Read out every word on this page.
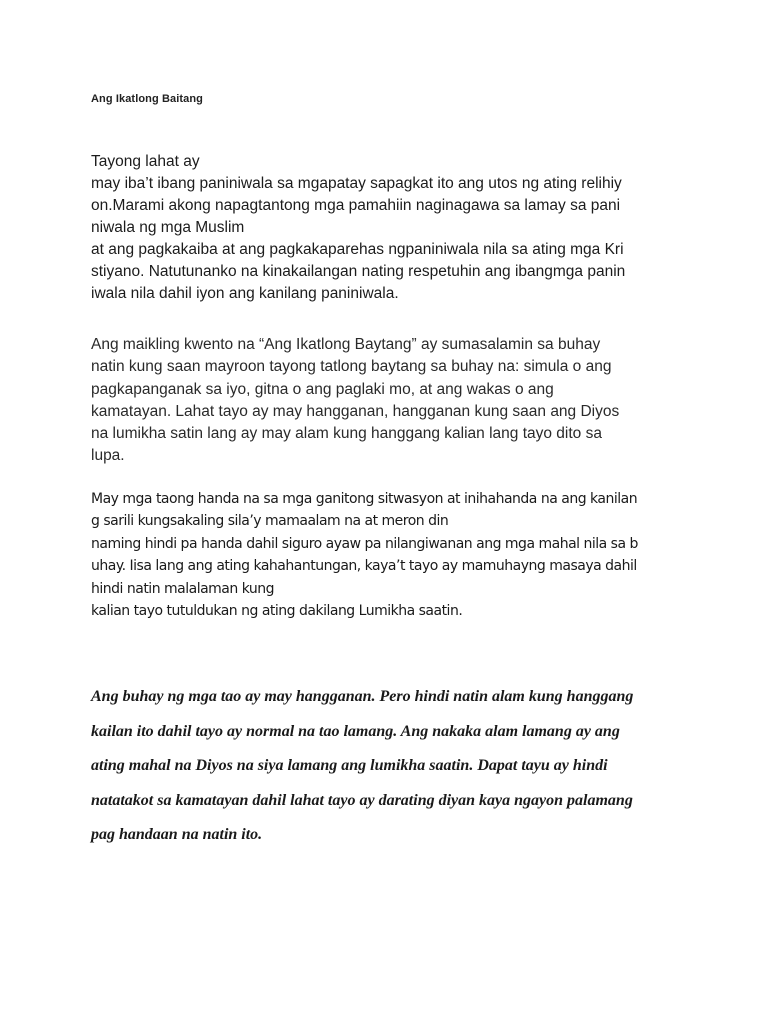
Ang Ikatlong Baitang
Tayong lahat ay
may iba’t ibang paniniwala sa mgapatay sapagkat ito ang utos ng ating relihiy
on.Marami akong napagtantong mga pamahiin naginagawa sa lamay sa pani
niwala ng mga Muslim
at ang pagkakaiba at ang pagkakaparehas ngpaniniwala nila sa ating mga Kri
stiyano. Natutunanko na kinakailangan nating respetuhin ang ibangmga panin
iwala nila dahil iyon ang kanilang paniniwala.
Ang maikling kwento na “Ang Ikatlong Baytang” ay sumasalamin sa buhay
natin kung saan mayroon tayong tatlong baytang sa buhay na: simula o ang
pagkapanganak sa iyo, gitna o ang paglaki mo, at ang wakas o ang
kamatayan. Lahat tayo ay may hangganan, hangganan kung saan ang Diyos
na lumikha satin lang ay may alam kung hanggang kalian lang tayo dito sa
lupa.
May mga taong handa na sa mga ganitong sitwasyon at inihahanda na ang kanilan
g sarili kungsakaling sila’y mamaalam na at meron din
naming hindi pa handa dahil siguro ayaw pa nilangiwanan ang mga mahal nila sa b
uhay. Iisa lang ang ating kahahantungan, kaya’t tayo ay mamuhayng masaya dahil
hindi natin malalaman kung
kalian tayo tutuldukan ng ating dakilang Lumikha saatin.
Ang buhay ng mga tao ay may hangganan. Pero hindi natin alam kung hanggang
kailan ito dahil tayo ay normal na tao lamang. Ang nakaka alam lamang ay ang
ating mahal na Diyos na siya lamang ang lumikha saatin. Dapat tayu ay hindi
natatakot sa kamatayan dahil lahat tayo ay darating diyan kaya ngayon palamang
pag handaan na natin ito.
